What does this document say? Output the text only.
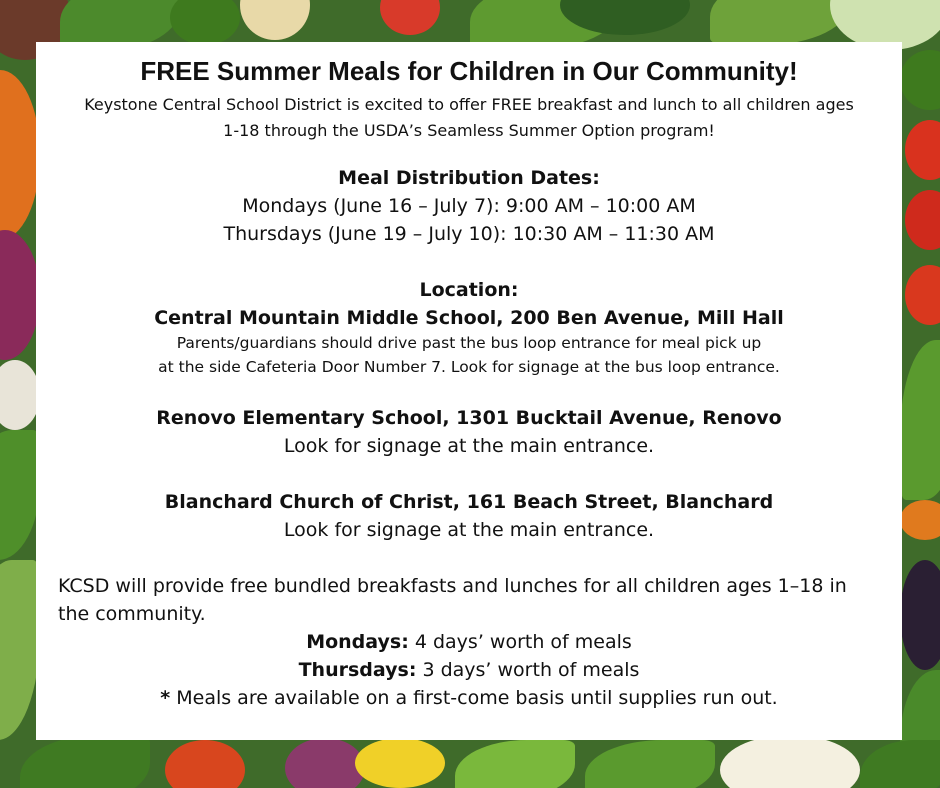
FREE Summer Meals for Children in Our Community!
Keystone Central School District is excited to offer FREE breakfast and lunch to all children ages
1-18 through the USDA’s Seamless Summer Option program!
Meal Distribution Dates:
Mondays (June 16 – July 7): 9:00 AM – 10:00 AM
Thursdays (June 19 – July 10): 10:30 AM – 11:30 AM
Location:
Central Mountain Middle School, 200 Ben Avenue, Mill Hall
Parents/guardians should drive past the bus loop entrance for meal pick up
at the side Cafeteria Door Number 7. Look for signage at the bus loop entrance.
Renovo Elementary School, 1301 Bucktail Avenue, Renovo
Look for signage at the main entrance.
Blanchard Church of Christ, 161 Beach Street, Blanchard
Look for signage at the main entrance.
KCSD will provide free bundled breakfasts and lunches for all children ages 1–18 in
the community.
Mondays: 4 days’ worth of meals
Thursdays: 3 days’ worth of meals
* Meals are available on a first-come basis until supplies run out.
